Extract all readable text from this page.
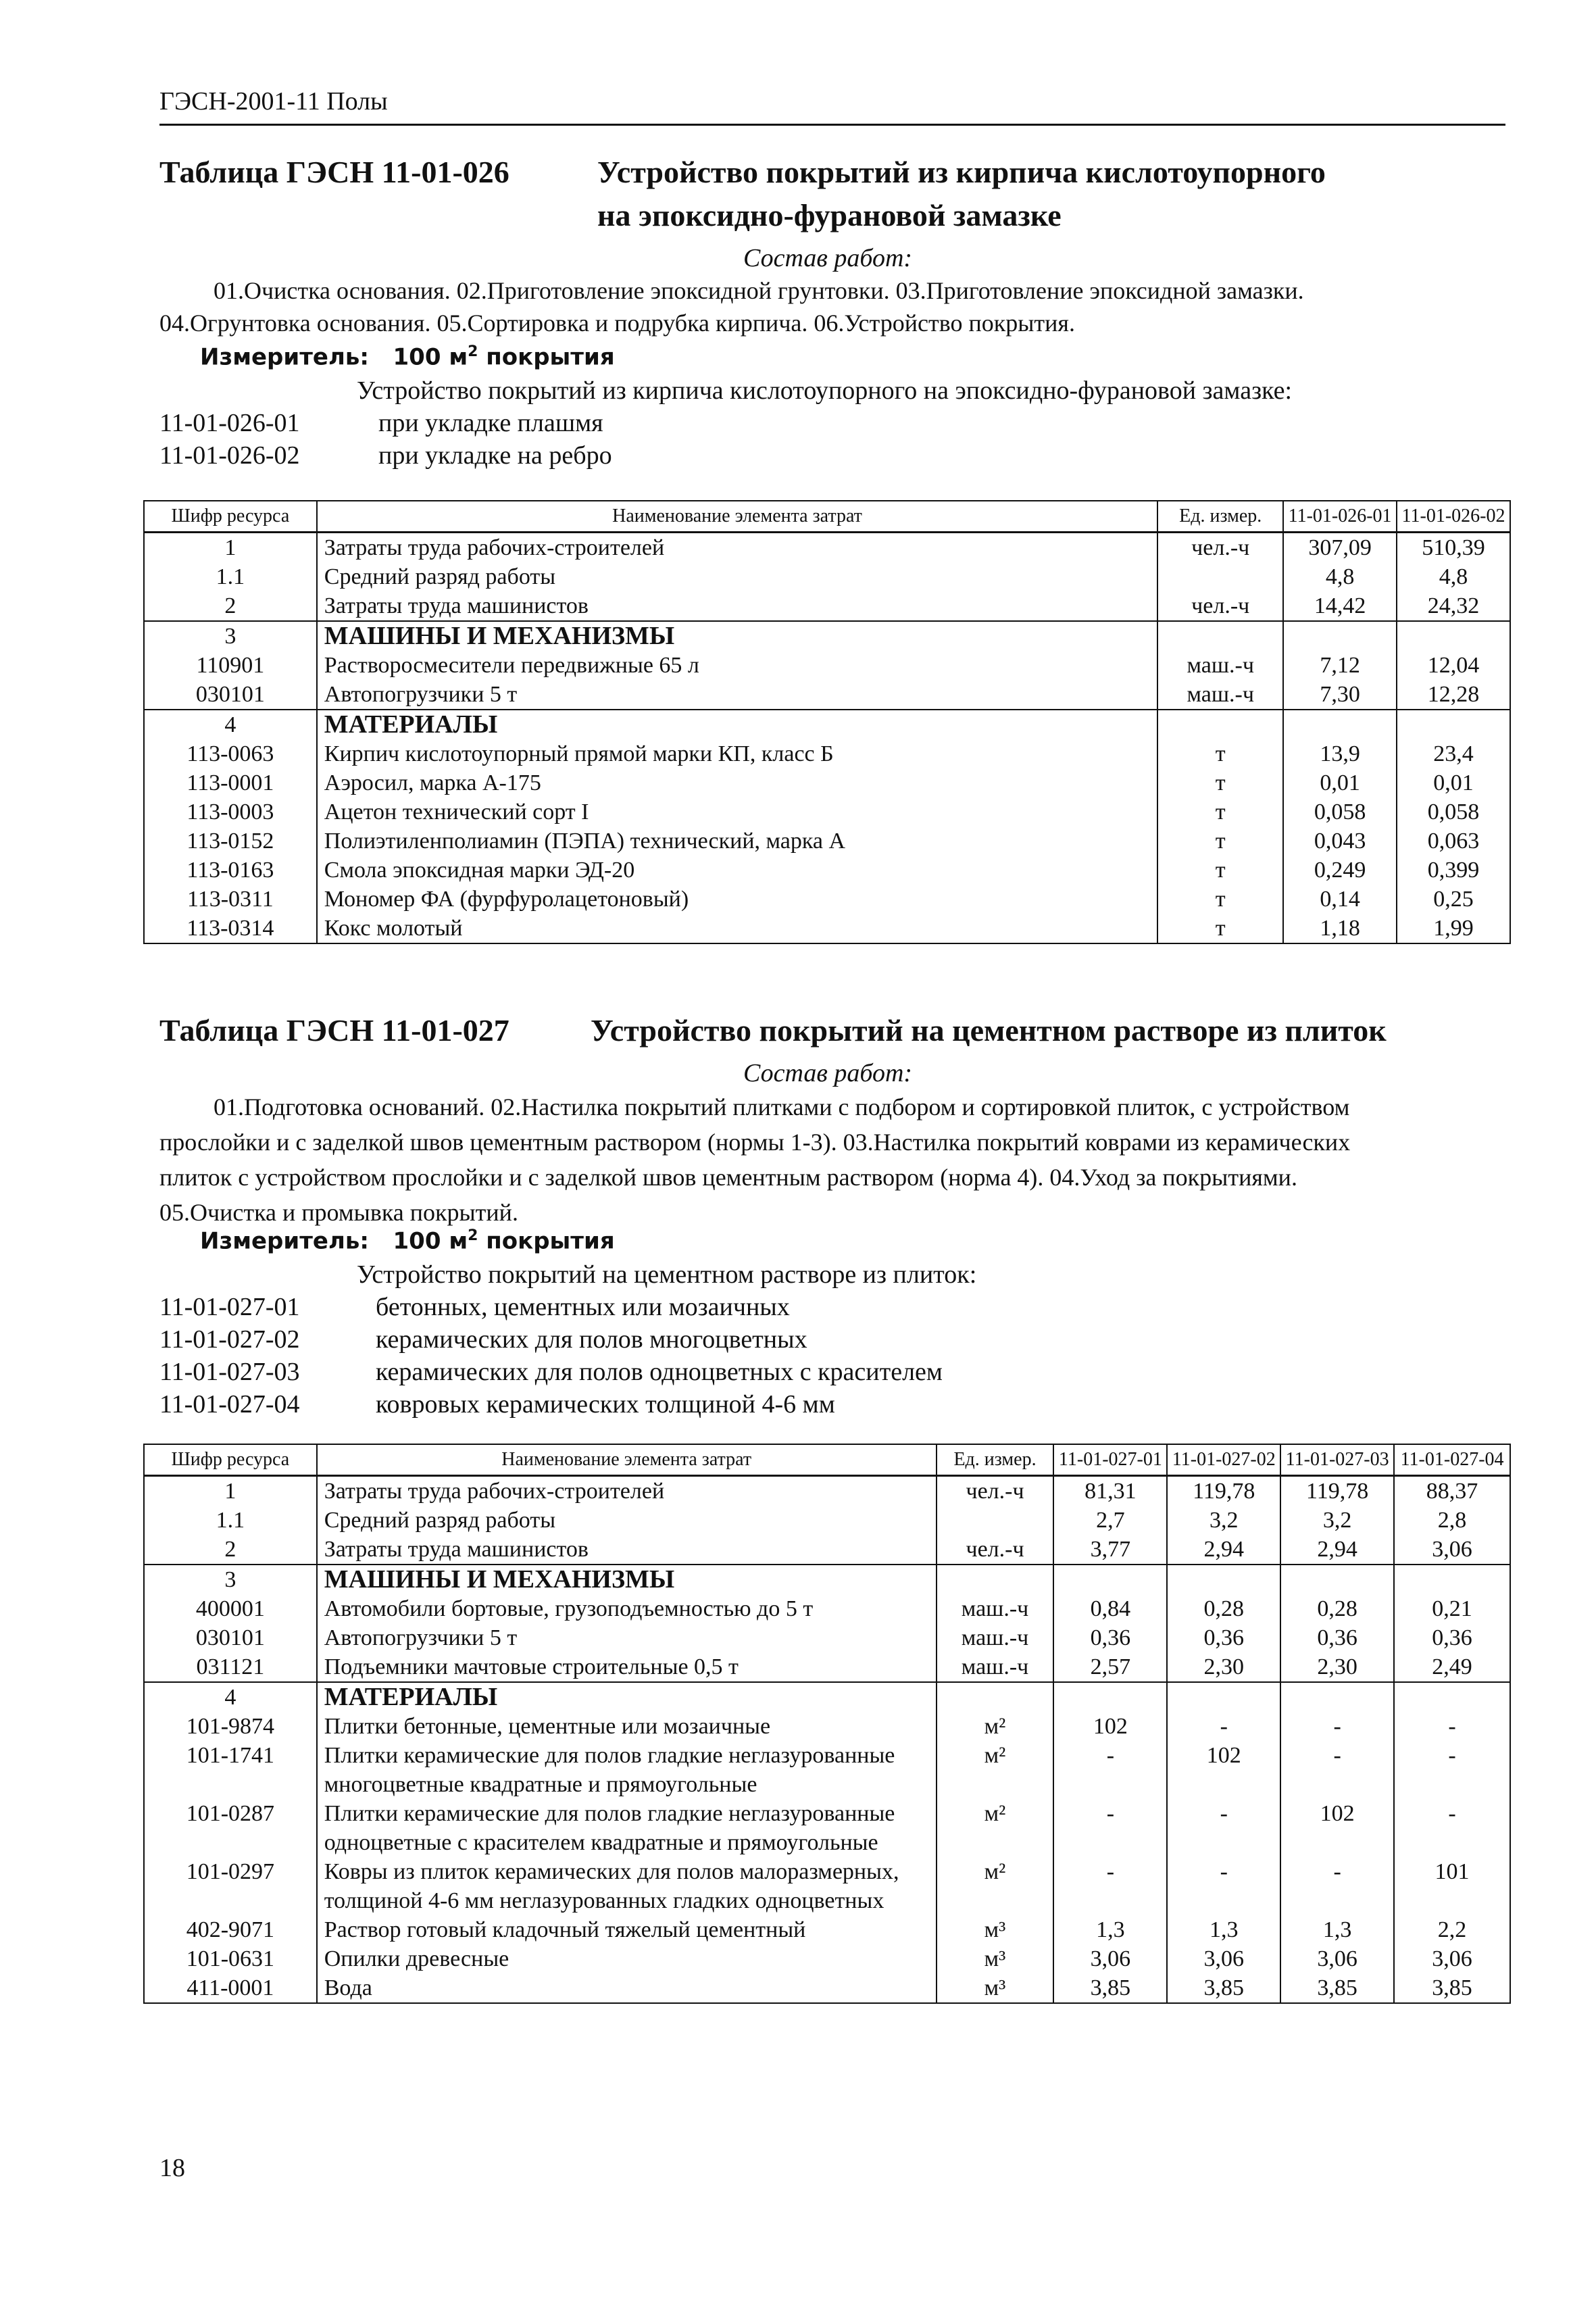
ГЭСН-2001-11 Полы
Таблица ГЭСН 11-01-026	Устройство покрытий из кирпича кислотоупорного
на эпоксидно-фурановой замазке
Состав работ:
01.Очистка основания. 02.Приготовление эпоксидной грунтовки. 03.Приготовление эпоксидной замазки.
04.Огрунтовка основания. 05.Сортировка и подрубка кирпича. 06.Устройство покрытия.
Измеритель: 100 $м^2$ покрытия
Устройство покрытий из кирпича кислотоупорного на эпоксидно-фурановой замазке:
11-01-026-01	при укладке плашмя
11-01-026-02	при укладке на ребро
Шифр ресурса	Наименование элемента затрат	Ед. измер.	11-01-026-01	11-01-026-02
1	Затраты труда рабочих-строителей	чел.-ч	307,09	510,39
1.1	Средний разряд работы		4,8	4,8
2	Затраты труда машинистов	чел.-ч	14,42	24,32
3	МАШИНЫ И МЕХАНИЗМЫ			
110901	Растворосмесители передвижные 65 л	маш.-ч	7,12	12,04
030101	Автопогрузчики 5 т	маш.-ч	7,30	12,28
4	МАТЕРИАЛЫ			
113-0063	Кирпич кислотоупорный прямой марки КП, класс Б	т	13,9	23,4
113-0001	Аэросил, марка А-175	т	0,01	0,01
113-0003	Ацетон технический сорт I	т	0,058	0,058
113-0152	Полиэтиленполиамин (ПЭПА) технический, марка А	т	0,043	0,063
113-0163	Смола эпоксидная марки ЭД-20	т	0,249	0,399
113-0311	Мономер ФА (фурфуролацетоновый)	т	0,14	0,25
113-0314	Кокс молотый	т	1,18	1,99
Таблица ГЭСН 11-01-027	Устройство покрытий на цементном растворе из плиток
Состав работ:
01.Подготовка оснований. 02.Настилка покрытий плитками с подбором и сортировкой плиток, с устройством
прослойки и с заделкой швов цементным раствором (нормы 1-3). 03.Настилка покрытий коврами из керамических
плиток с устройством прослойки и с заделкой швов цементным раствором (норма 4). 04.Уход за покрытиями.
05.Очистка и промывка покрытий.
Измеритель: 100 $м^2$ покрытия
Устройство покрытий на цементном растворе из плиток:
11-01-027-01	бетонных, цементных или мозаичных
11-01-027-02	керамических для полов многоцветных
11-01-027-03	керамических для полов одноцветных с красителем
11-01-027-04	ковровых керамических толщиной 4-6 мм
Шифр ресурса	Наименование элемента затрат	Ед. измер.	11-01-027-01	11-01-027-02	11-01-027-03	11-01-027-04
1	Затраты труда рабочих-строителей	чел.-ч	81,31	119,78	119,78	88,37
1.1	Средний разряд работы		2,7	3,2	3,2	2,8
2	Затраты труда машинистов	чел.-ч	3,77	2,94	2,94	3,06
3	МАШИНЫ И МЕХАНИЗМЫ					
400001	Автомобили бортовые, грузоподъемностью до 5 т	маш.-ч	0,84	0,28	0,28	0,21
030101	Автопогрузчики 5 т	маш.-ч	0,36	0,36	0,36	0,36
031121	Подъемники мачтовые строительные 0,5 т	маш.-ч	2,57	2,30	2,30	2,49
4	МАТЕРИАЛЫ					
101-9874	Плитки бетонные, цементные или мозаичные	м²	102	-	-	-
101-1741	Плитки керамические для полов гладкие неглазурованные многоцветные квадратные и прямоугольные	м²	-	102	-	-
101-0287	Плитки керамические для полов гладкие неглазурованные одноцветные с красителем квадратные и прямоугольные	м²	-	-	102	-
101-0297	Ковры из плиток керамических для полов малоразмерных, толщиной 4-6 мм неглазурованных гладких одноцветных	м²	-	-	-	101
402-9071	Раствор готовый кладочный тяжелый цементный	м³	1,3	1,3	1,3	2,2
101-0631	Опилки древесные	м³	3,06	3,06	3,06	3,06
411-0001	Вода	м³	3,85	3,85	3,85	3,85
18
